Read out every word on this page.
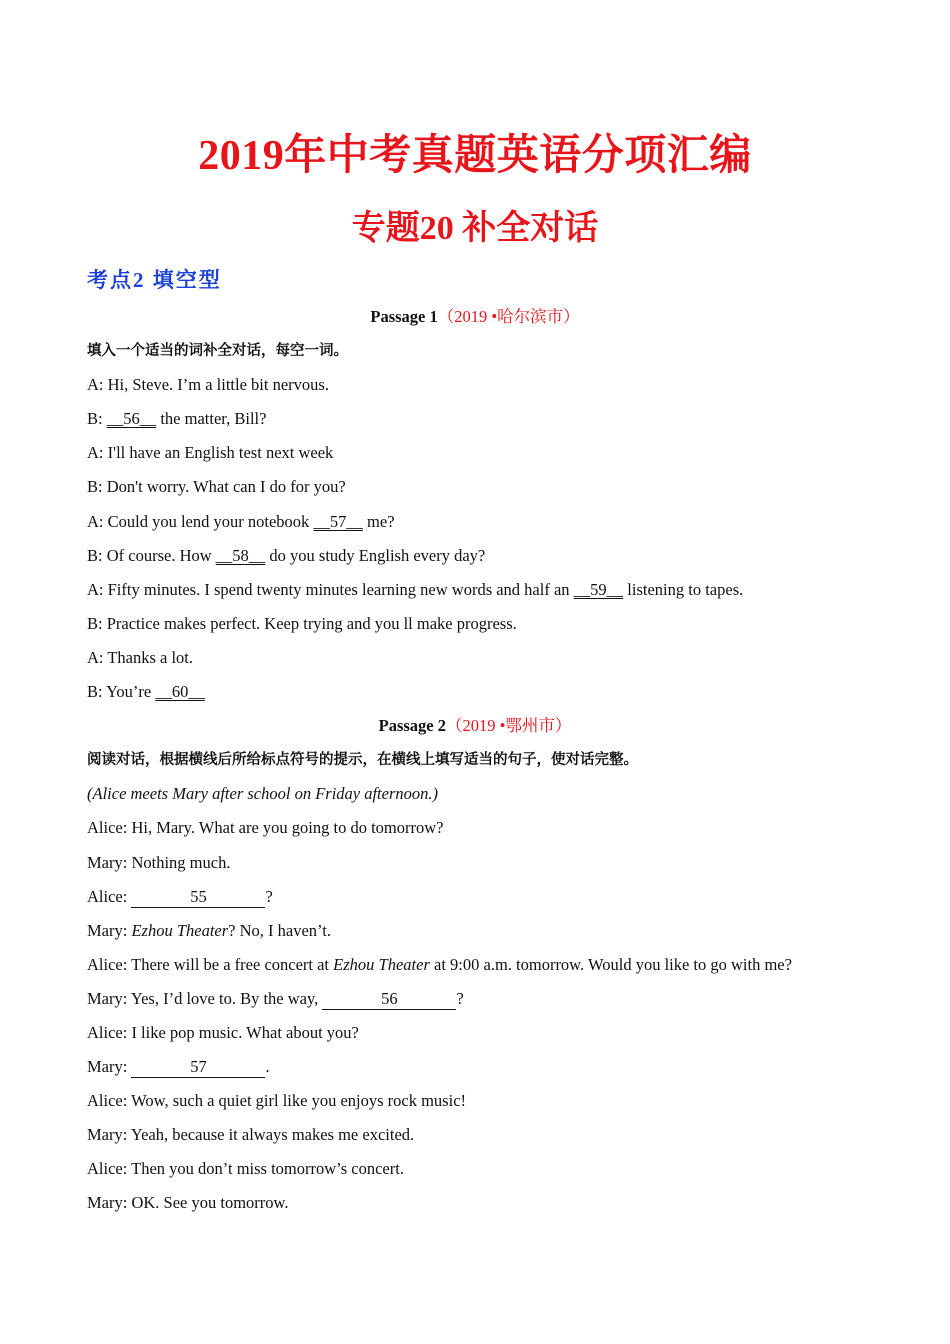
2019年中考真题英语分项汇编
专题20 补全对话
考点2 填空型
Passage 1（2019 •哈尔滨市）
填入一个适当的词补全对话，每空一词。
A: Hi, Steve. I’m a little bit nervous.
B: __56__ the matter, Bill?
A: I'll have an English test next week
B: Don't worry. What can I do for you?
A: Could you lend your notebook __57__ me?
B: Of course. How __58__ do you study English every day?
A: Fifty minutes. I spend twenty minutes learning new words and half an __59__ listening to tapes.
B: Practice makes perfect. Keep trying and you ll make progress.
A: Thanks a lot.
B: You’re __60__
Passage 2（2019 •鄂州市）
阅读对话，根据横线后所给标点符号的提示，在横线上填写适当的句子，使对话完整。
(Alice meets Mary after school on Friday afternoon.)
Alice: Hi, Mary. What are you going to do tomorrow?
Mary: Nothing much.
Alice:	55	?
Mary: Ezhou Theater? No, I haven’t.
Alice: There will be a free concert at Ezhou Theater at 9:00 a.m. tomorrow. Would you like to go with me?
Mary: Yes, I’d love to. By the way,	56	?
Alice: I like pop music. What about you?
Mary:	57	.
Alice: Wow, such a quiet girl like you enjoys rock music!
Mary: Yeah, because it always makes me excited.
Alice: Then you don’t miss tomorrow’s concert.
Mary: OK. See you tomorrow.
